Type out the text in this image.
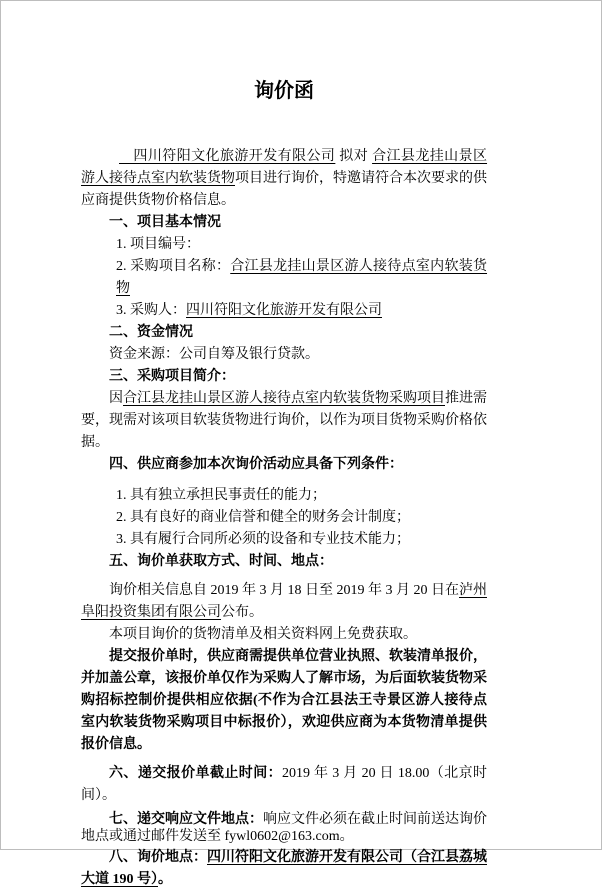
询价函

　四川符阳文化旅游开发有限公司 拟对 合江县龙挂山景区游人接待点室内软装货物项目进行询价，特邀请符合本次要求的供应商提供货物价格信息。

一、项目基本情况

1. 项目编号：

2. 采购项目名称：合江县龙挂山景区游人接待点室内软装货物

3. 采购人：四川符阳文化旅游开发有限公司

二、资金情况

资金来源：公司自筹及银行贷款。

三、采购项目简介：

因合江县龙挂山景区游人接待点室内软装货物采购项目推进需要，现需对该项目软装货物进行询价，以作为项目货物采购价格依据。

四、供应商参加本次询价活动应具备下列条件：

1. 具有独立承担民事责任的能力；

2. 具有良好的商业信誉和健全的财务会计制度；

3. 具有履行合同所必须的设备和专业技术能力；

五、询价单获取方式、时间、地点：

询价相关信息自 2019 年 3 月 18 日至 2019 年 3 月 20 日在泸州阜阳投资集团有限公司公布。

本项目询价的货物清单及相关资料网上免费获取。

提交报价单时，供应商需提供单位营业执照、软装清单报价，并加盖公章，该报价单仅作为采购人了解市场，为后面软装货物采购招标控制价提供相应依据(不作为合江县法王寺景区游人接待点室内软装货物采购项目中标报价），欢迎供应商为本货物清单提供报价信息。

六、递交报价单截止时间：2019 年 3 月 20 日 18.00（北京时间）。

七、递交响应文件地点：响应文件必须在截止时间前送达询价地点或通过邮件发送至 fywl0602@163.com。

八、询价地点：四川符阳文化旅游开发有限公司（合江县荔城大道 190 号）。
